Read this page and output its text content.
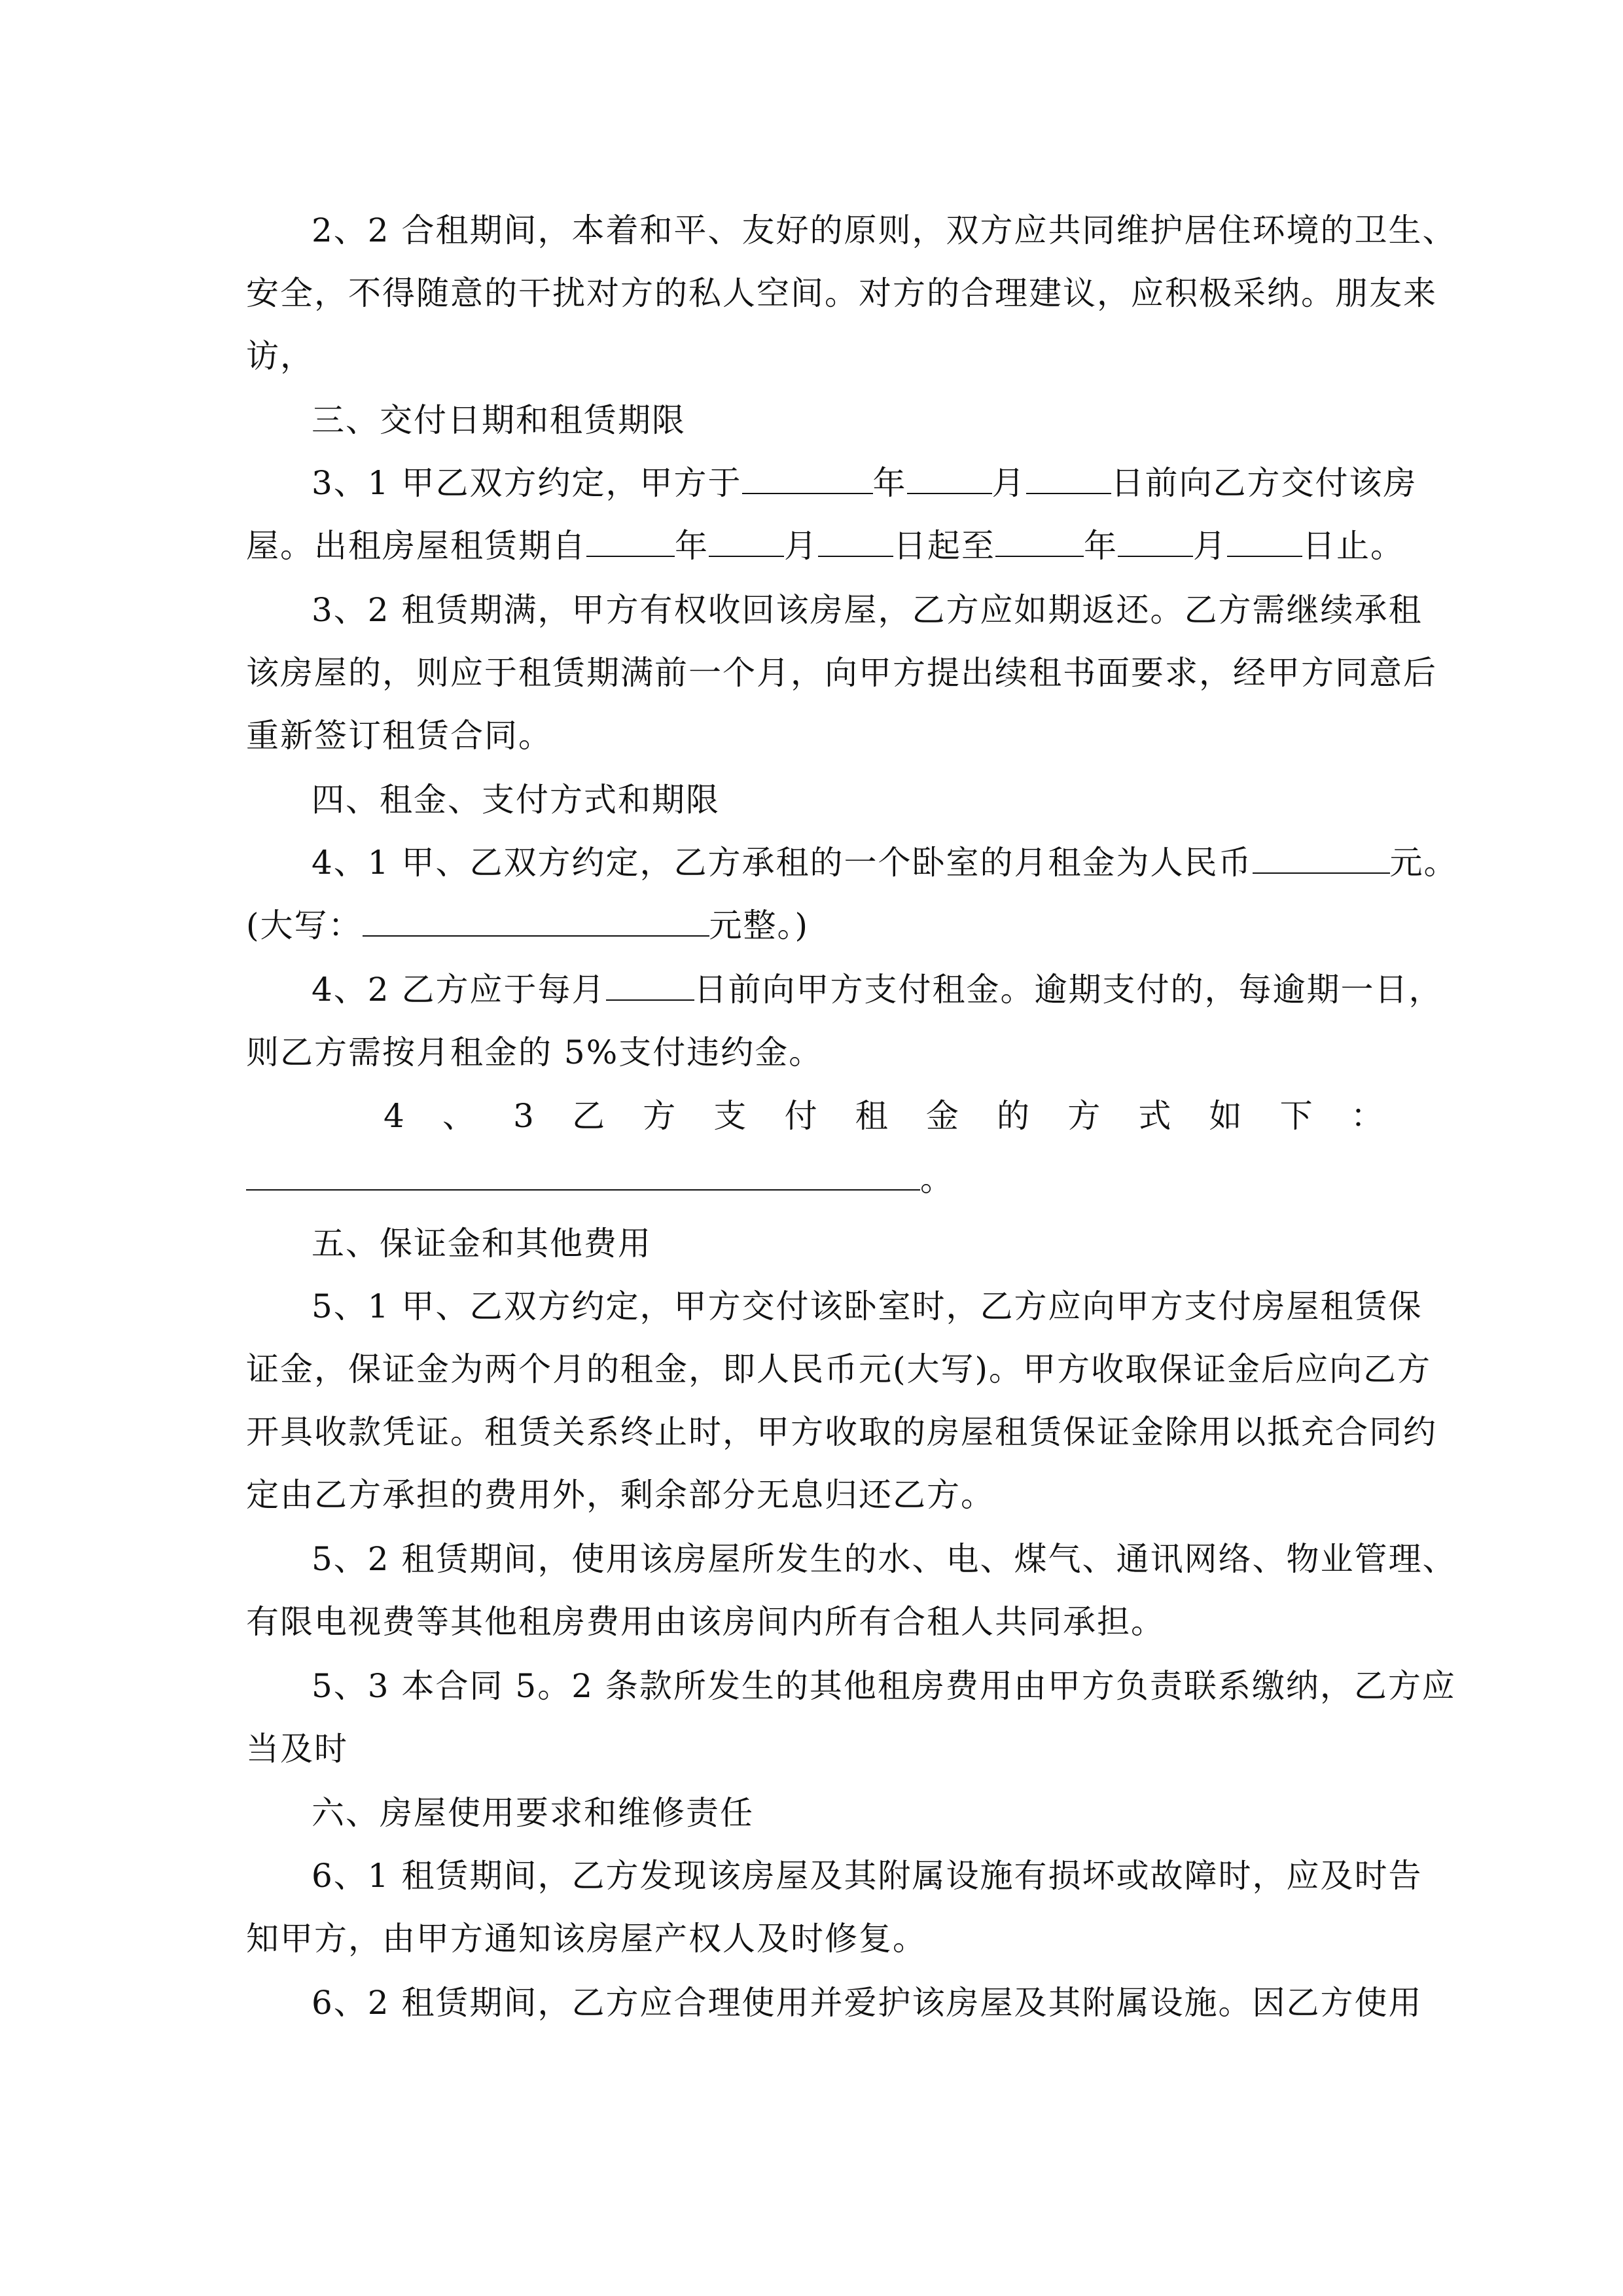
2、2 合租期间，本着和平、友好的原则，双方应共同维护居住环境的卫生、
安全，不得随意的干扰对方的私人空间。对方的合理建议，应积极采纳。朋友来
访，
三、交付日期和租赁期限
3、1 甲乙双方约定，甲方于	年	月	日前向乙方交付该房
屋。出租房屋租赁期自	年 月 日起至	年 月 日止。
3、2 租赁期满，甲方有权收回该房屋，乙方应如期返还。乙方需继续承租
该房屋的，则应于租赁期满前一个月，向甲方提出续租书面要求，经甲方同意后
重新签订租赁合同。
四、租金、支付方式和期限
4、1 甲、乙双方约定，乙方承租的一个卧室的月租金为人民币	元。
(大写：	元整。)
4、2 乙方应于每月	日前向甲方支付租金。逾期支付的，每逾期一日，
则乙方需按月租金的 5%支付违约金。
4 、 3 乙 方 支 付 租 金 的 方 式 如 下 ：
。
五、保证金和其他费用
5、1 甲、乙双方约定，甲方交付该卧室时，乙方应向甲方支付房屋租赁保
证金，保证金为两个月的租金，即人民币元(大写)。甲方收取保证金后应向乙方
开具收款凭证。租赁关系终止时，甲方收取的房屋租赁保证金除用以抵充合同约
定由乙方承担的费用外，剩余部分无息归还乙方。
5、2 租赁期间，使用该房屋所发生的水、电、煤气、通讯网络、物业管理、
有限电视费等其他租房费用由该房间内所有合租人共同承担。
5、3 本合同 5。2 条款所发生的其他租房费用由甲方负责联系缴纳，乙方应
当及时
六、房屋使用要求和维修责任
6、1 租赁期间，乙方发现该房屋及其附属设施有损坏或故障时，应及时告
知甲方，由甲方通知该房屋产权人及时修复。
6、2 租赁期间，乙方应合理使用并爱护该房屋及其附属设施。因乙方使用
